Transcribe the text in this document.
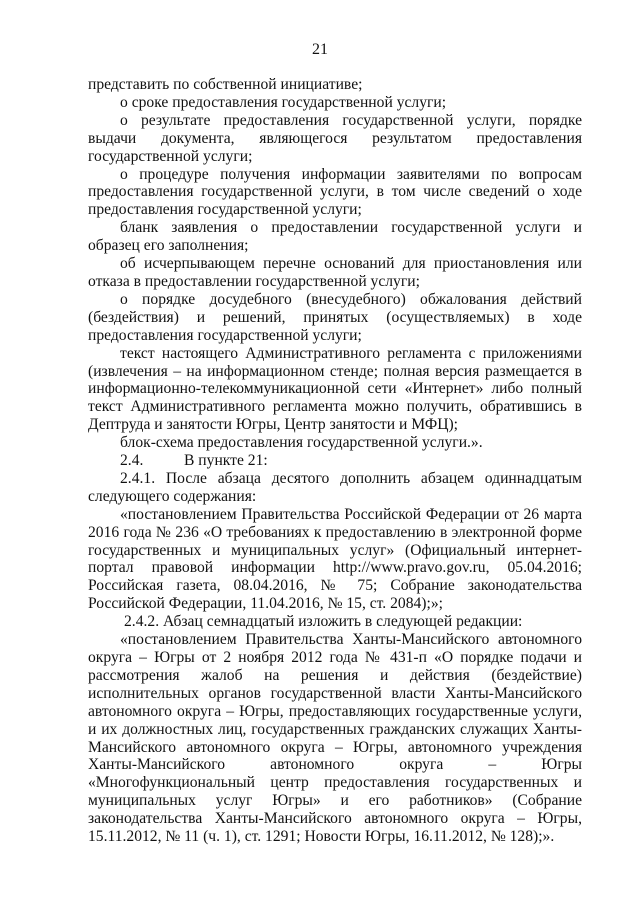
21

представить по собственной инициативе;

о сроке предоставления государственной услуги;

о результате предоставления государственной услуги, порядке выдачи документа, являющегося результатом предоставления государственной услуги;

о процедуре получения информации заявителями по вопросам предоставления государственной услуги, в том числе сведений о ходе предоставления государственной услуги;

бланк заявления о предоставлении государственной услуги и образец его заполнения;

об исчерпывающем перечне оснований для приостановления или отказа в предоставлении государственной услуги;

о порядке досудебного (внесудебного) обжалования действий (бездействия) и решений, принятых (осуществляемых) в ходе предоставления государственной услуги;

текст настоящего Административного регламента с приложениями (извлечения – на информационном стенде; полная версия размещается в информационно-телекоммуникационной сети «Интернет» либо полный текст Административного регламента можно получить, обратившись в Дептруда и занятости Югры, Центр занятости и МФЦ);

блок-схема предоставления государственной услуги.».

2.4.	В пункте 21:

2.4.1. После абзаца десятого дополнить абзацем одиннадцатым следующего содержания:

«постановлением Правительства Российской Федерации от 26 марта 2016 года № 236 «О требованиях к предоставлению в электронной форме государственных и муниципальных услуг» (Официальный интернет-портал правовой информации http://www.pravo.gov.ru, 05.04.2016; Российская газета, 08.04.2016, № 75; Собрание законодательства Российской Федерации, 11.04.2016, № 15, ст. 2084);»;

2.4.2. Абзац семнадцатый изложить в следующей редакции:

«постановлением Правительства Ханты-Мансийского автономного округа – Югры от 2 ноября 2012 года № 431-п «О порядке подачи и рассмотрения жалоб на решения и действия (бездействие) исполнительных органов государственной власти Ханты-Мансийского автономного округа – Югры, предоставляющих государственные услуги, и их должностных лиц, государственных гражданских служащих Ханты-Мансийского автономного округа – Югры, автономного учреждения Ханты-Мансийского автономного округа – Югры «Многофункциональный центр предоставления государственных и муниципальных услуг Югры» и его работников» (Собрание законодательства Ханты-Мансийского автономного округа – Югры, 15.11.2012, № 11 (ч. 1), ст. 1291; Новости Югры, 16.11.2012, № 128);».
